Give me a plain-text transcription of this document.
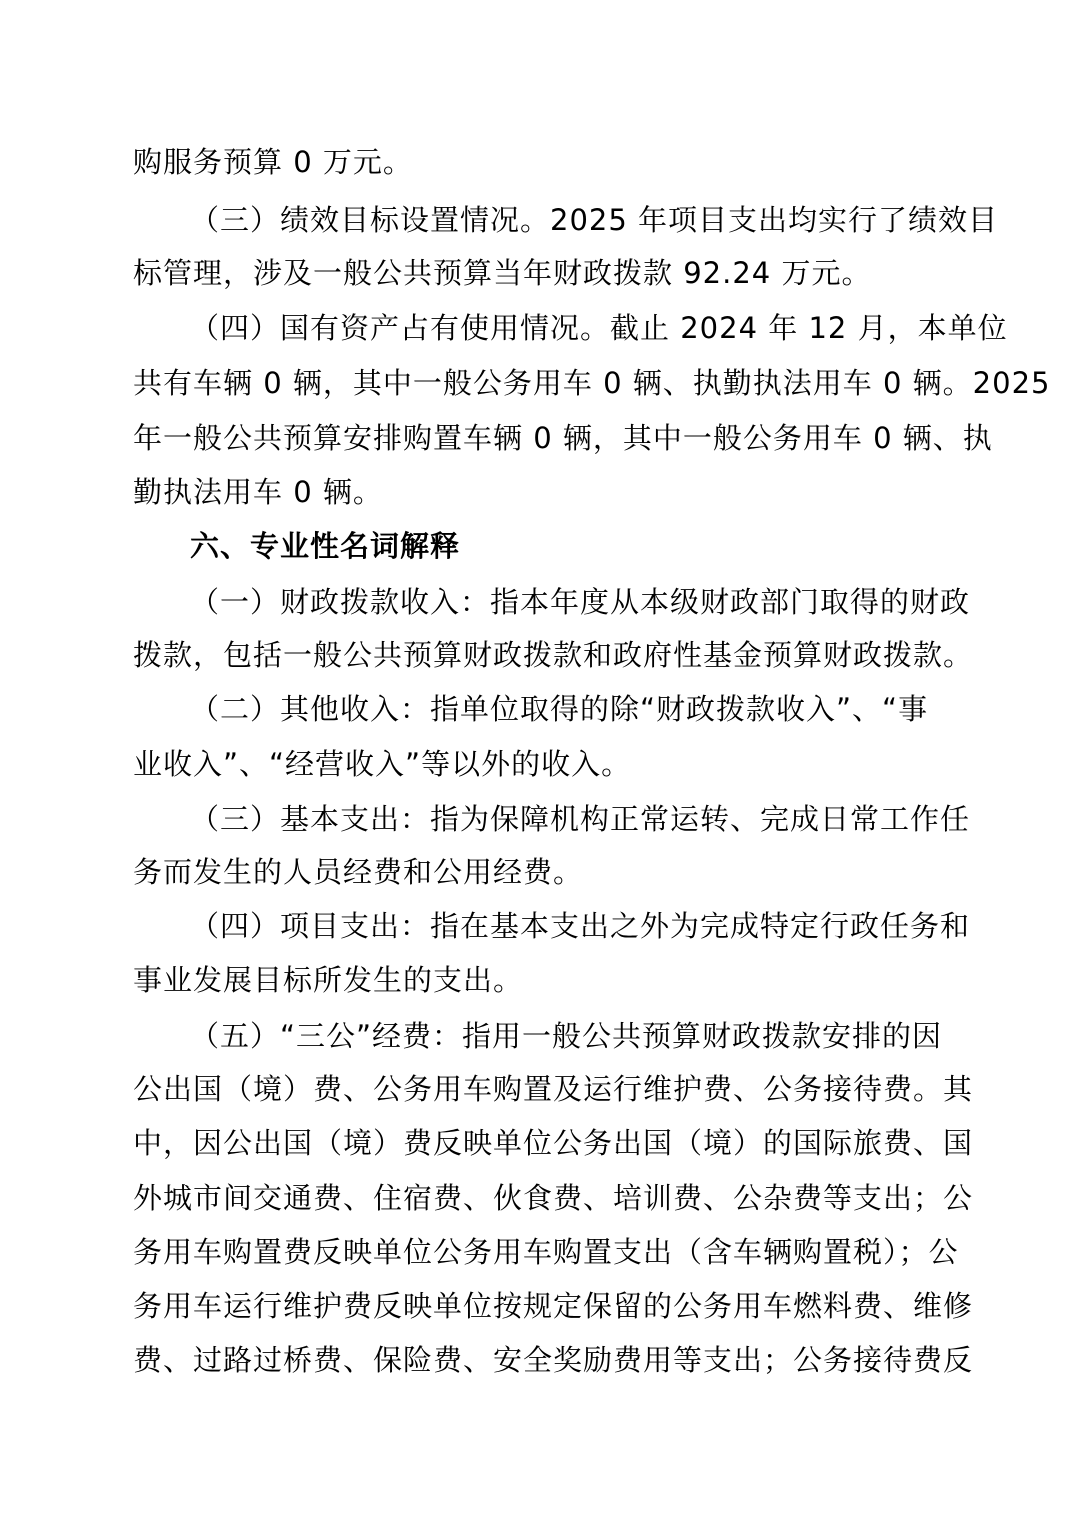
购服务预算 0 万元。
（三）绩效目标设置情况。2025 年项目支出均实行了绩效目
标管理，涉及一般公共预算当年财政拨款 92.24 万元。
（四）国有资产占有使用情况。截止 2024 年 12 月，本单位
共有车辆 0 辆，其中一般公务用车 0 辆、执勤执法用车 0 辆。2025
年一般公共预算安排购置车辆 0 辆，其中一般公务用车 0 辆、执
勤执法用车 0 辆。
六、专业性名词解释
（一）财政拨款收入：指本年度从本级财政部门取得的财政
拨款，包括一般公共预算财政拨款和政府性基金预算财政拨款。
（二）其他收入：指单位取得的除“财政拨款收入”、“事
业收入”、“经营收入”等以外的收入。
（三）基本支出：指为保障机构正常运转、完成日常工作任
务而发生的人员经费和公用经费。
（四）项目支出：指在基本支出之外为完成特定行政任务和
事业发展目标所发生的支出。
（五）“三公”经费：指用一般公共预算财政拨款安排的因
公出国（境）费、公务用车购置及运行维护费、公务接待费。其
中，因公出国（境）费反映单位公务出国（境）的国际旅费、国
外城市间交通费、住宿费、伙食费、培训费、公杂费等支出；公
务用车购置费反映单位公务用车购置支出（含车辆购置税）；公
务用车运行维护费反映单位按规定保留的公务用车燃料费、维修
费、过路过桥费、保险费、安全奖励费用等支出；公务接待费反
